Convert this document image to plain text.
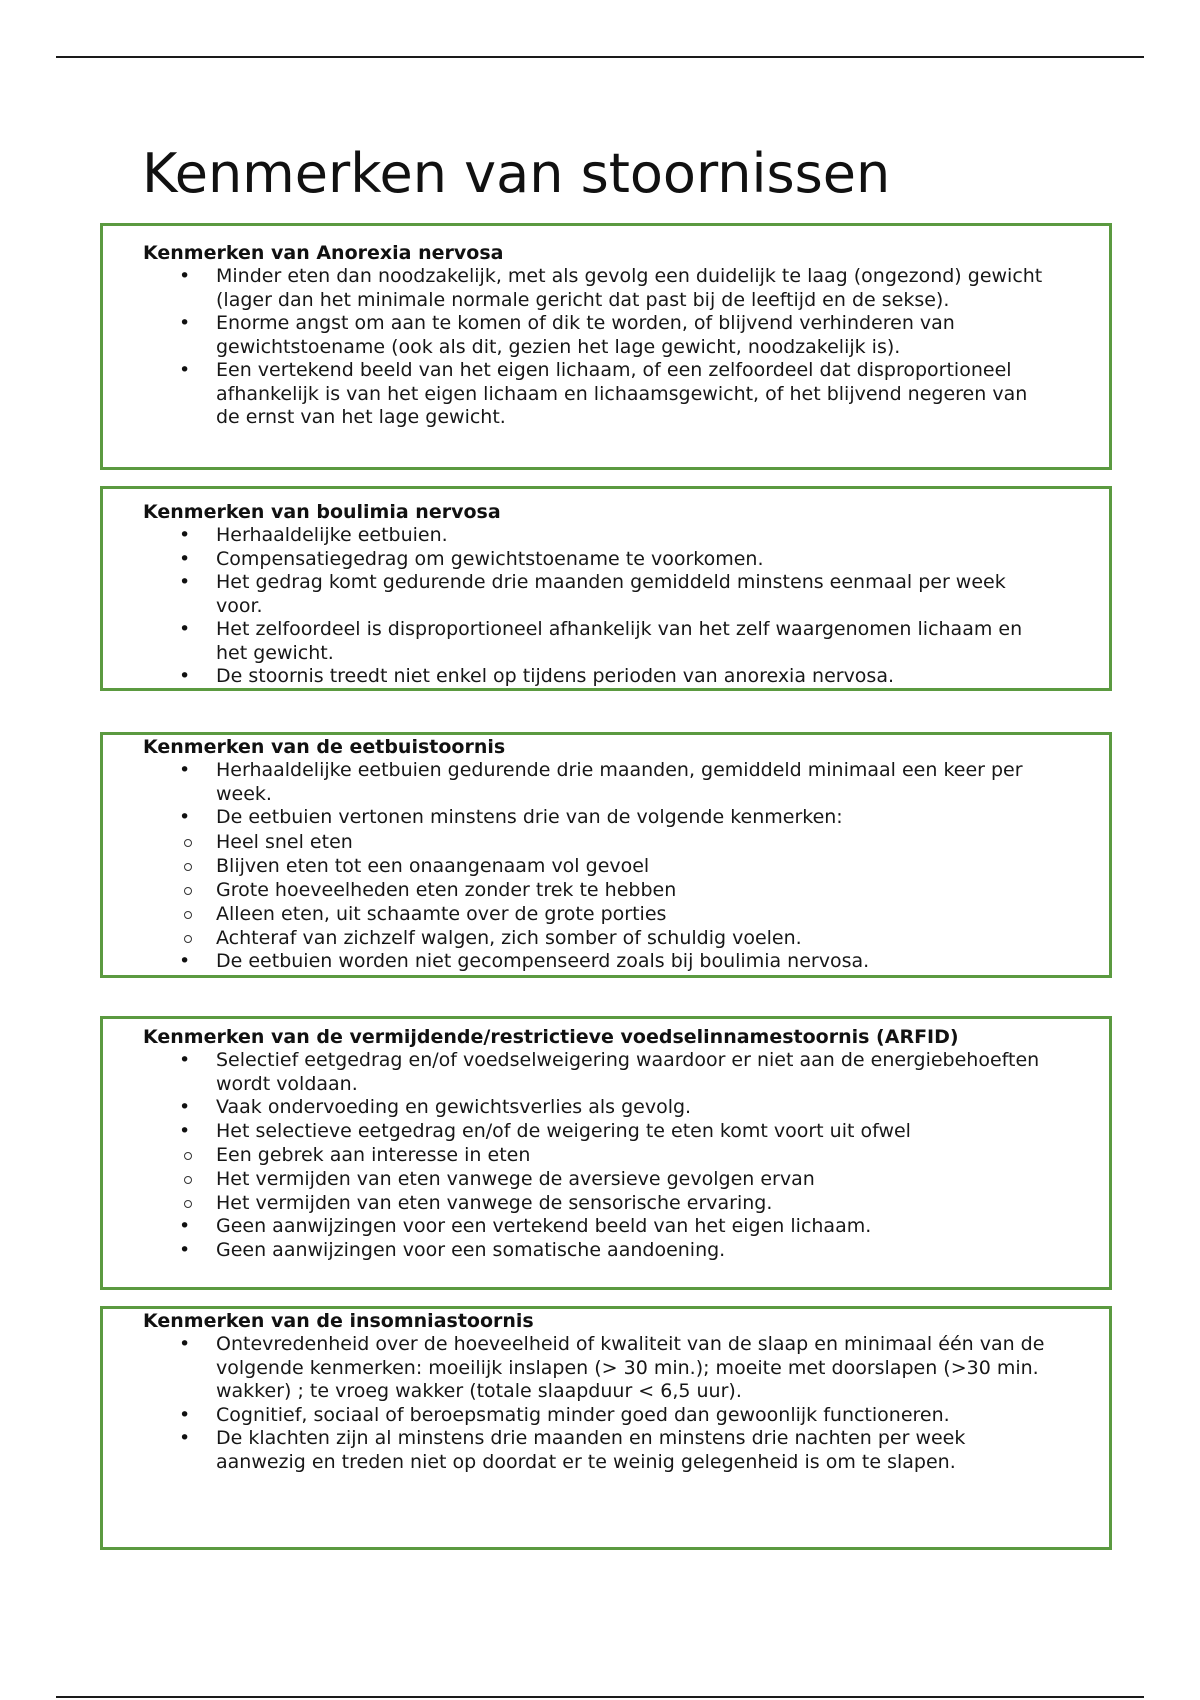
Kenmerken van stoornissen
Kenmerken van Anorexia nervosa
• Minder eten dan noodzakelijk, met als gevolg een duidelijk te laag (ongezond) gewicht (lager dan het minimale normale gericht dat past bij de leeftijd en de sekse).
• Enorme angst om aan te komen of dik te worden, of blijvend verhinderen van gewichtstoename (ook als dit, gezien het lage gewicht, noodzakelijk is).
• Een vertekend beeld van het eigen lichaam, of een zelfoordeel dat disproportioneel afhankelijk is van het eigen lichaam en lichaamsgewicht, of het blijvend negeren van de ernst van het lage gewicht.
Kenmerken van boulimia nervosa
• Herhaaldelijke eetbuien.
• Compensatiegedrag om gewichtstoename te voorkomen.
• Het gedrag komt gedurende drie maanden gemiddeld minstens eenmaal per week voor.
• Het zelfoordeel is disproportioneel afhankelijk van het zelf waargenomen lichaam en het gewicht.
• De stoornis treedt niet enkel op tijdens perioden van anorexia nervosa.
Kenmerken van de eetbuistoornis
• Herhaaldelijke eetbuien gedurende drie maanden, gemiddeld minimaal een keer per week.
• De eetbuien vertonen minstens drie van de volgende kenmerken:
Heel snel eten
Blijven eten tot een onaangenaam vol gevoel
Grote hoeveelheden eten zonder trek te hebben
Alleen eten, uit schaamte over de grote porties
Achteraf van zichzelf walgen, zich somber of schuldig voelen.
• De eetbuien worden niet gecompenseerd zoals bij boulimia nervosa.
Kenmerken van de vermijdende/restrictieve voedselinnamestoornis (ARFID)
• Selectief eetgedrag en/of voedselweigering waardoor er niet aan de energiebehoeften wordt voldaan.
• Vaak ondervoeding en gewichtsverlies als gevolg.
• Het selectieve eetgedrag en/of de weigering te eten komt voort uit ofwel
Een gebrek aan interesse in eten
Het vermijden van eten vanwege de aversieve gevolgen ervan
Het vermijden van eten vanwege de sensorische ervaring.
• Geen aanwijzingen voor een vertekend beeld van het eigen lichaam.
• Geen aanwijzingen voor een somatische aandoening.
Kenmerken van de insomniastoornis
• Ontevredenheid over de hoeveelheid of kwaliteit van de slaap en minimaal één van de volgende kenmerken: moeilijk inslapen (> 30 min.); moeite met doorslapen (>30 min. wakker) ; te vroeg wakker (totale slaapduur < 6,5 uur).
• Cognitief, sociaal of beroepsmatig minder goed dan gewoonlijk functioneren.
• De klachten zijn al minstens drie maanden en minstens drie nachten per week aanwezig en treden niet op doordat er te weinig gelegenheid is om te slapen.
